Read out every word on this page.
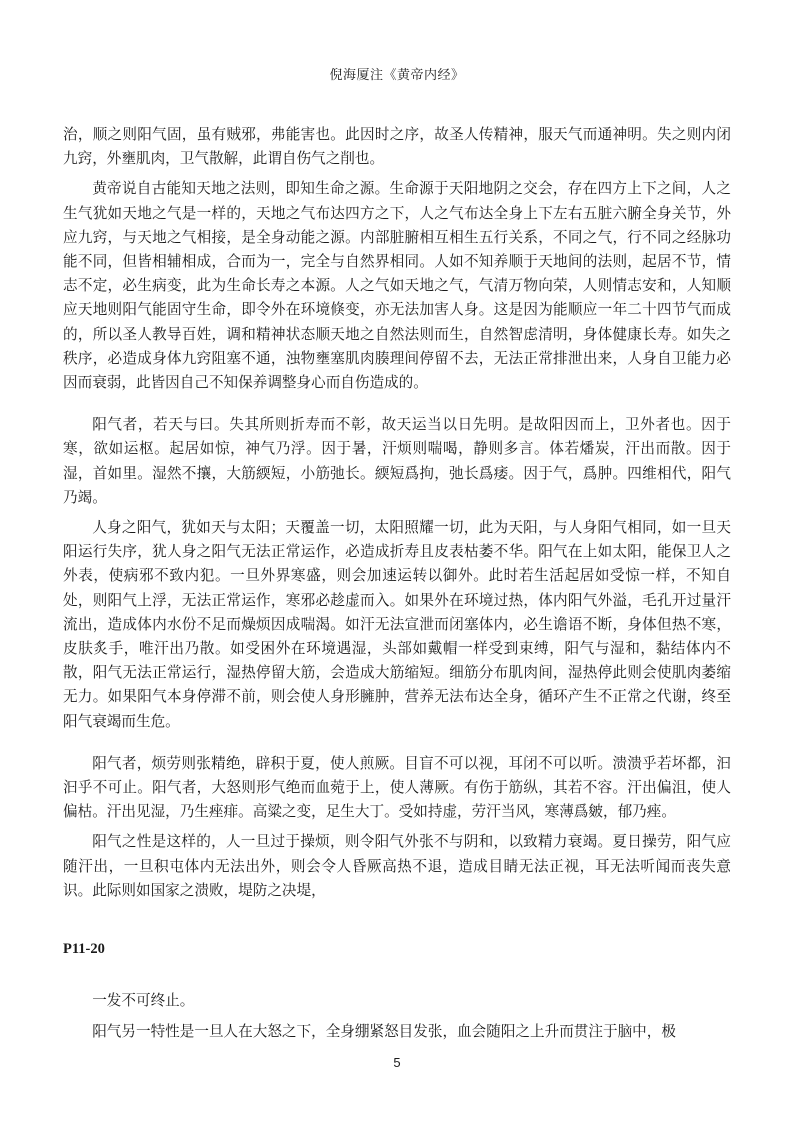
倪海厦注《黄帝内经》

治，顺之则阳气固，虽有贼邪，弗能害也。此因时之序，故圣人传精神，服天气而通神明。失之则内闭九窍，外壅肌肉，卫气散解，此谓自伤气之削也。

黄帝说自古能知天地之法则，即知生命之源。生命源于天阳地阴之交会，存在四方上下之间，人之生气犹如天地之气是一样的，天地之气布达四方之下，人之气布达全身上下左右五脏六腑全身关节，外应九窍，与天地之气相接，是全身动能之源。内部脏腑相互相生五行关系，不同之气，行不同之经脉功能不同，但皆相辅相成，合而为一，完全与自然界相同。人如不知养顺于天地间的法则，起居不节，情志不定，必生病变，此为生命长寿之本源。人之气如天地之气，气清万物向荣，人则情志安和，人知顺应天地则阳气能固守生命，即令外在环境倏变，亦无法加害人身。这是因为能顺应一年二十四节气而成的，所以圣人教导百姓，调和精神状态顺天地之自然法则而生，自然智虑清明，身体健康长寿。如失之秩序，必造成身体九窍阻塞不通，浊物壅塞肌肉腠理间停留不去，无法正常排泄出来，人身自卫能力必因而衰弱，此皆因自己不知保养调整身心而自伤造成的。

阳气者，若天与曰。失其所则折寿而不彰，故天运当以日先明。是故阳因而上，卫外者也。因于寒，欲如运枢。起居如惊，神气乃浮。因于暑，汗烦则喘喝，静则多言。体若燔炭，汗出而散。因于湿，首如里。湿然不攘，大筋緛短，小筋弛长。緛短爲拘，弛长爲痿。因于气，爲肿。四维相代，阳气乃竭。

人身之阳气，犹如天与太阳；天覆盖一切，太阳照耀一切，此为天阳，与人身阳气相同，如一旦天阳运行失序，犹人身之阳气无法正常运作，必造成折寿且皮表枯萎不华。阳气在上如太阳，能保卫人之外表，使病邪不致内犯。一旦外界寒盛，则会加速运转以御外。此时若生活起居如受惊一样，不知自处，则阳气上浮，无法正常运作，寒邪必趁虚而入。如果外在环境过热，体内阳气外溢，毛孔开过量汗流出，造成体内水份不足而燥烦因成喘渴。如汗无法宣泄而闭塞体内，必生谵语不断，身体但热不寒，皮肤炙手，唯汗出乃散。如受困外在环境遇湿，头部如戴帽一样受到束缚，阳气与湿和，黏结体内不散，阳气无法正常运行，湿热停留大筋，会造成大筋缩短。细筋分布肌肉间，湿热停此则会使肌肉萎缩无力。如果阳气本身停滞不前，则会使人身形臃肿，营养无法布达全身，循环产生不正常之代谢，终至阳气衰竭而生危。

阳气者，烦劳则张精绝，辟积于夏，使人煎厥。目盲不可以视，耳闭不可以听。溃溃乎若坏都，汩汩乎不可止。阳气者，大怒则形气绝而血菀于上，使人薄厥。有伤于筋纵，其若不容。汗出偏沮，使人偏枯。汗出见湿，乃生痤痱。高粱之变，足生大丁。受如持虚，劳汗当风，寒薄爲皴，郁乃痤。

阳气之性是这样的，人一旦过于操烦，则令阳气外张不与阴和，以致精力衰竭。夏日操劳，阳气应随汗出，一旦积屯体内无法出外，则会令人昏厥高热不退，造成目睛无法正视，耳无法听闻而丧失意识。此际则如国家之溃败，堤防之决堤，

P11-20

一发不可终止。

阳气另一特性是一旦人在大怒之下，全身绷紧怒目发张，血会随阳之上升而贯注于脑中，极

5
